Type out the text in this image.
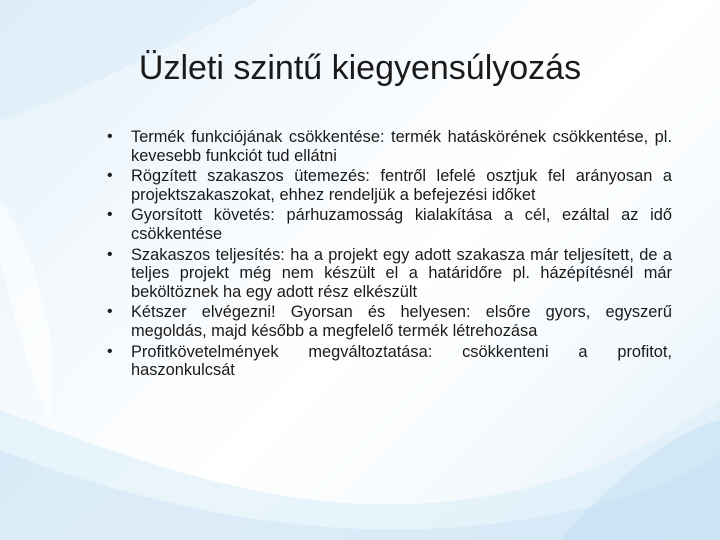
Üzleti szintű kiegyensúlyozás
• Termék funkciójának csökkentése: termék hatáskörének csökkentése, pl. kevesebb funkciót tud ellátni
• Rögzített szakaszos ütemezés: fentről lefelé osztjuk fel arányosan a projektszakaszokat, ehhez rendeljük a befejezési időket
• Gyorsított követés: párhuzamosság kialakítása a cél, ezáltal az idő csökkentése
• Szakaszos teljesítés: ha a projekt egy adott szakasza már teljesített, de a teljes projekt még nem készült el a határidőre pl. házépítésnél már beköltöznek ha egy adott rész elkészült
• Kétszer elvégezni! Gyorsan és helyesen: elsőre gyors, egyszerű megoldás, majd később a megfelelő termék létrehozása
• Profitkövetelmények megváltoztatása: csökkenteni a profitot, haszonkulcsát
